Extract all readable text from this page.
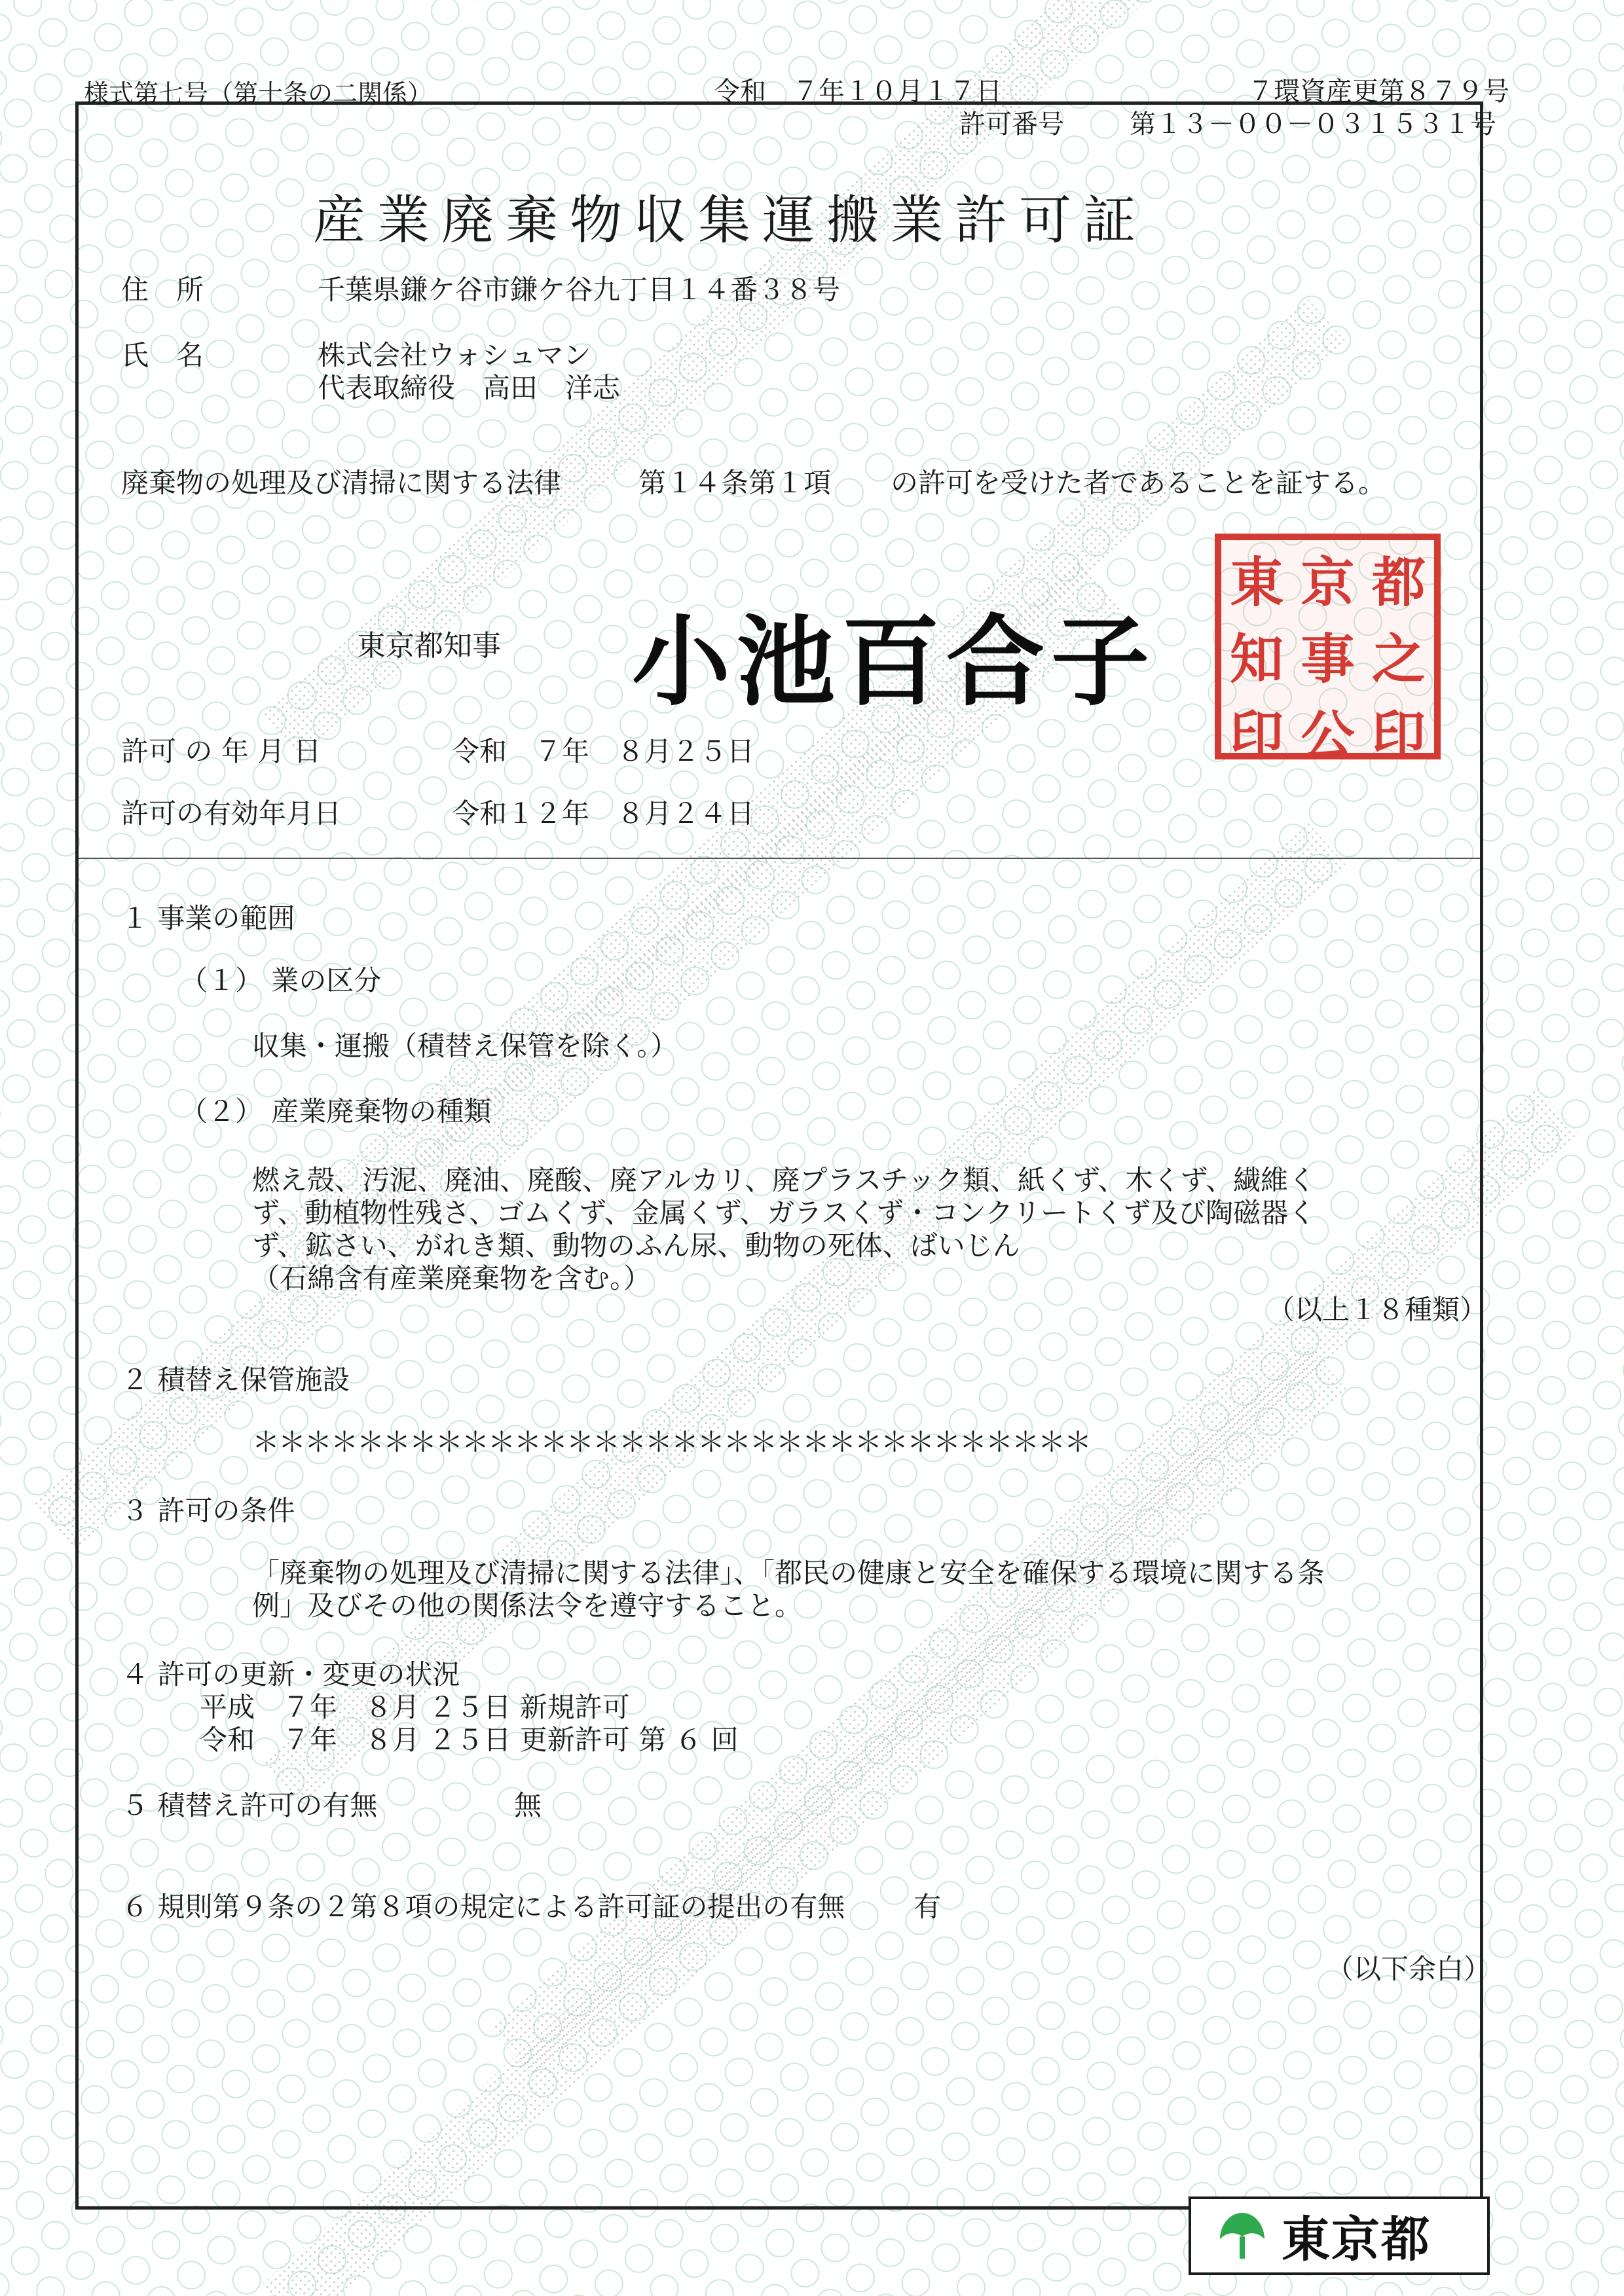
様式第七号（第十条の二関係）	令和　７年１０月１７日	７環資産更第８７９号
許可番号	第１３－００－０３１５３１号
産業廃棄物収集運搬業許可証
住　所	千葉県鎌ケ谷市鎌ケ谷九丁目１４番３８号
氏　名	株式会社ウォシュマン
代表取締役　高田　洋志
廃棄物の処理及び清掃に関する法律	第１４条第１項 の許可を受けた者であることを証する。
東京都知事 小池百合子
東 京 都
知 事 之
印 公 印
許可 の 年 月 日	令和　７年　８月２５日
許可の有効年月日	令和１２年　８月２４日
１ 事業の範囲
（１） 業の区分
収集・運搬（積替え保管を除く。）
（２） 産業廃棄物の種類
燃え殻、汚泥、廃油、廃酸、廃アルカリ、廃プラスチック類、紙くず、木くず、繊維く
ず、動植物性残さ、ゴムくず、金属くず、ガラスくず・コンクリートくず及び陶磁器く
ず、鉱さい、がれき類、動物のふん尿、動物の死体、ばいじん
（石綿含有産業廃棄物を含む。）
（以上１８種類）
２ 積替え保管施設
＊＊＊＊＊＊＊＊＊＊＊＊＊＊＊＊＊＊＊＊＊＊＊＊＊＊＊＊＊＊＊＊
３ 許可の条件
「廃棄物の処理及び清掃に関する法律」、「都民の健康と安全を確保する環境に関する条
例」及びその他の関係法令を遵守すること。
４ 許可の更新・変更の状況
平成　７年　８月 ２５日 新規許可
令和　７年　８月 ２５日 更新許可 第 ６ 回
５ 積替え許可の有無	無
６ 規則第９条の２第８項の規定による許可証の提出の有無 有
（以下余白）
東京都
